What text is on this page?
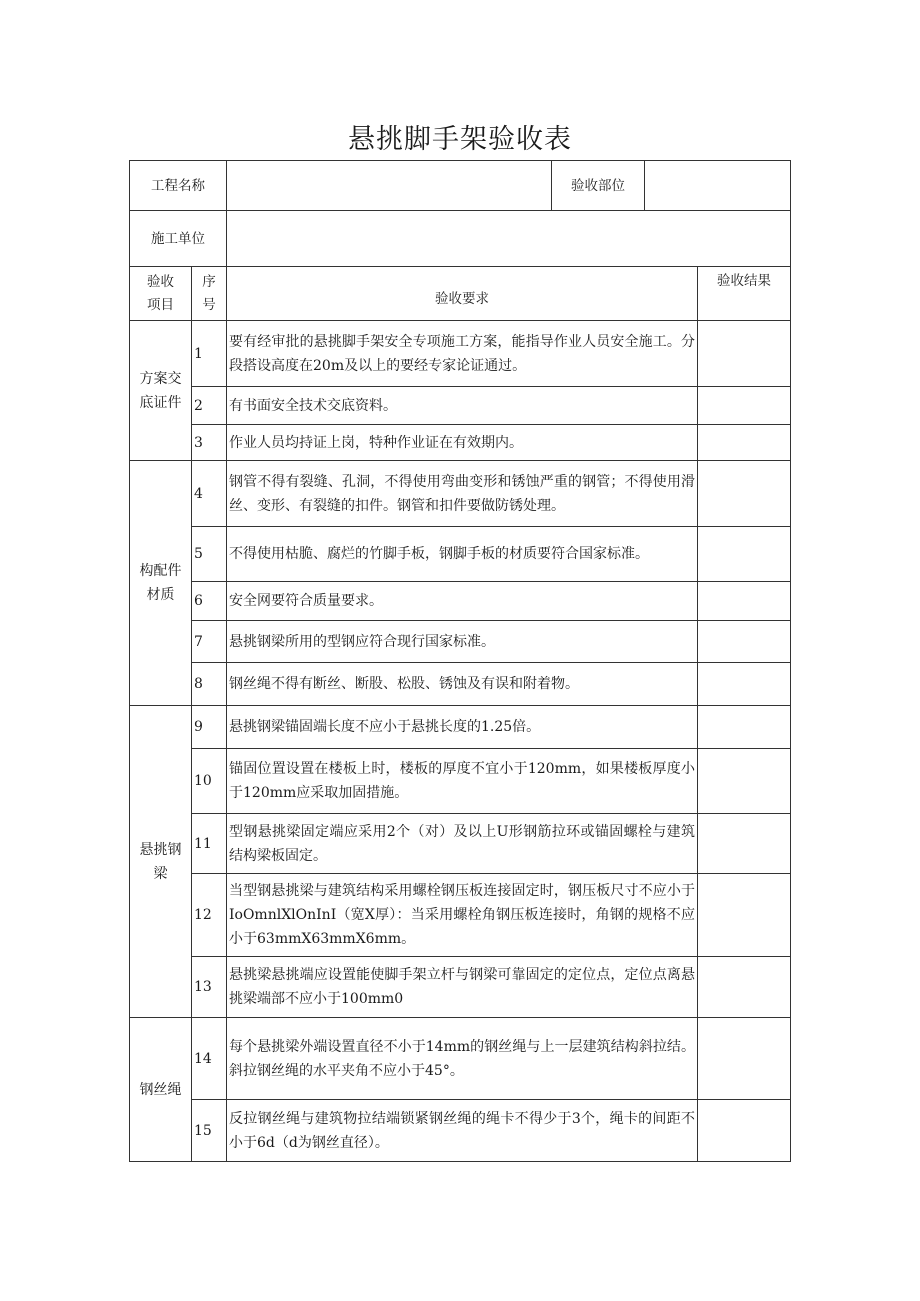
悬挑脚手架验收表
工程名称			验收部位		
施工单位					
验收
项目	序
号	验收要求			验收结果
方案交
底证件	1	要有经审批的悬挑脚手架安全专项施工方案，能指导作业人员安全施工。分段搭设高度在20m及以上的要经专家论证通过。			
	2	有书面安全技术交底资料。			
	3	作业人员均持证上岗，特种作业证在有效期内。			
构配件
材质	4	钢管不得有裂缝、孔洞，不得使用弯曲变形和锈蚀严重的钢管；不得使用滑丝、变形、有裂缝的扣件。钢管和扣件要做防锈处理。			
	5	不得使用枯脆、腐烂的竹脚手板，钢脚手板的材质要符合国家标准。			
	6	安全网要符合质量要求。			
	7	悬挑钢梁所用的型钢应符合现行国家标准。			
	8	钢丝绳不得有断丝、断股、松股、锈蚀及有误和附着物。			
悬挑钢
梁	9	悬挑钢梁锚固端长度不应小于悬挑长度的1.25倍。			
	10	锚固位置设置在楼板上时，楼板的厚度不宜小于120mm，如果楼板厚度小于120mm应采取加固措施。			
	11	型钢悬挑梁固定端应采用2个（对）及以上U形钢筋拉环或锚固螺栓与建筑结构梁板固定。			
	12	当型钢悬挑梁与建筑结构采用螺栓钢压板连接固定时，钢压板尺寸不应小于IoOmnlXlOnInI（宽X厚）：当采用螺栓角钢压板连接时，角钢的规格不应小于63mmX63mmX6mm。			
	13	悬挑梁悬挑端应设置能使脚手架立杆与钢梁可靠固定的定位点，定位点离悬挑梁端部不应小于100mm0			
钢丝绳	14	每个悬挑梁外端设置直径不小于14mm的钢丝绳与上一层建筑结构斜拉结。斜拉钢丝绳的水平夹角不应小于45°。			
	15	反拉钢丝绳与建筑物拉结端锁紧钢丝绳的绳卡不得少于3个，绳卡的间距不小于6d（d为钢丝直径）。			
